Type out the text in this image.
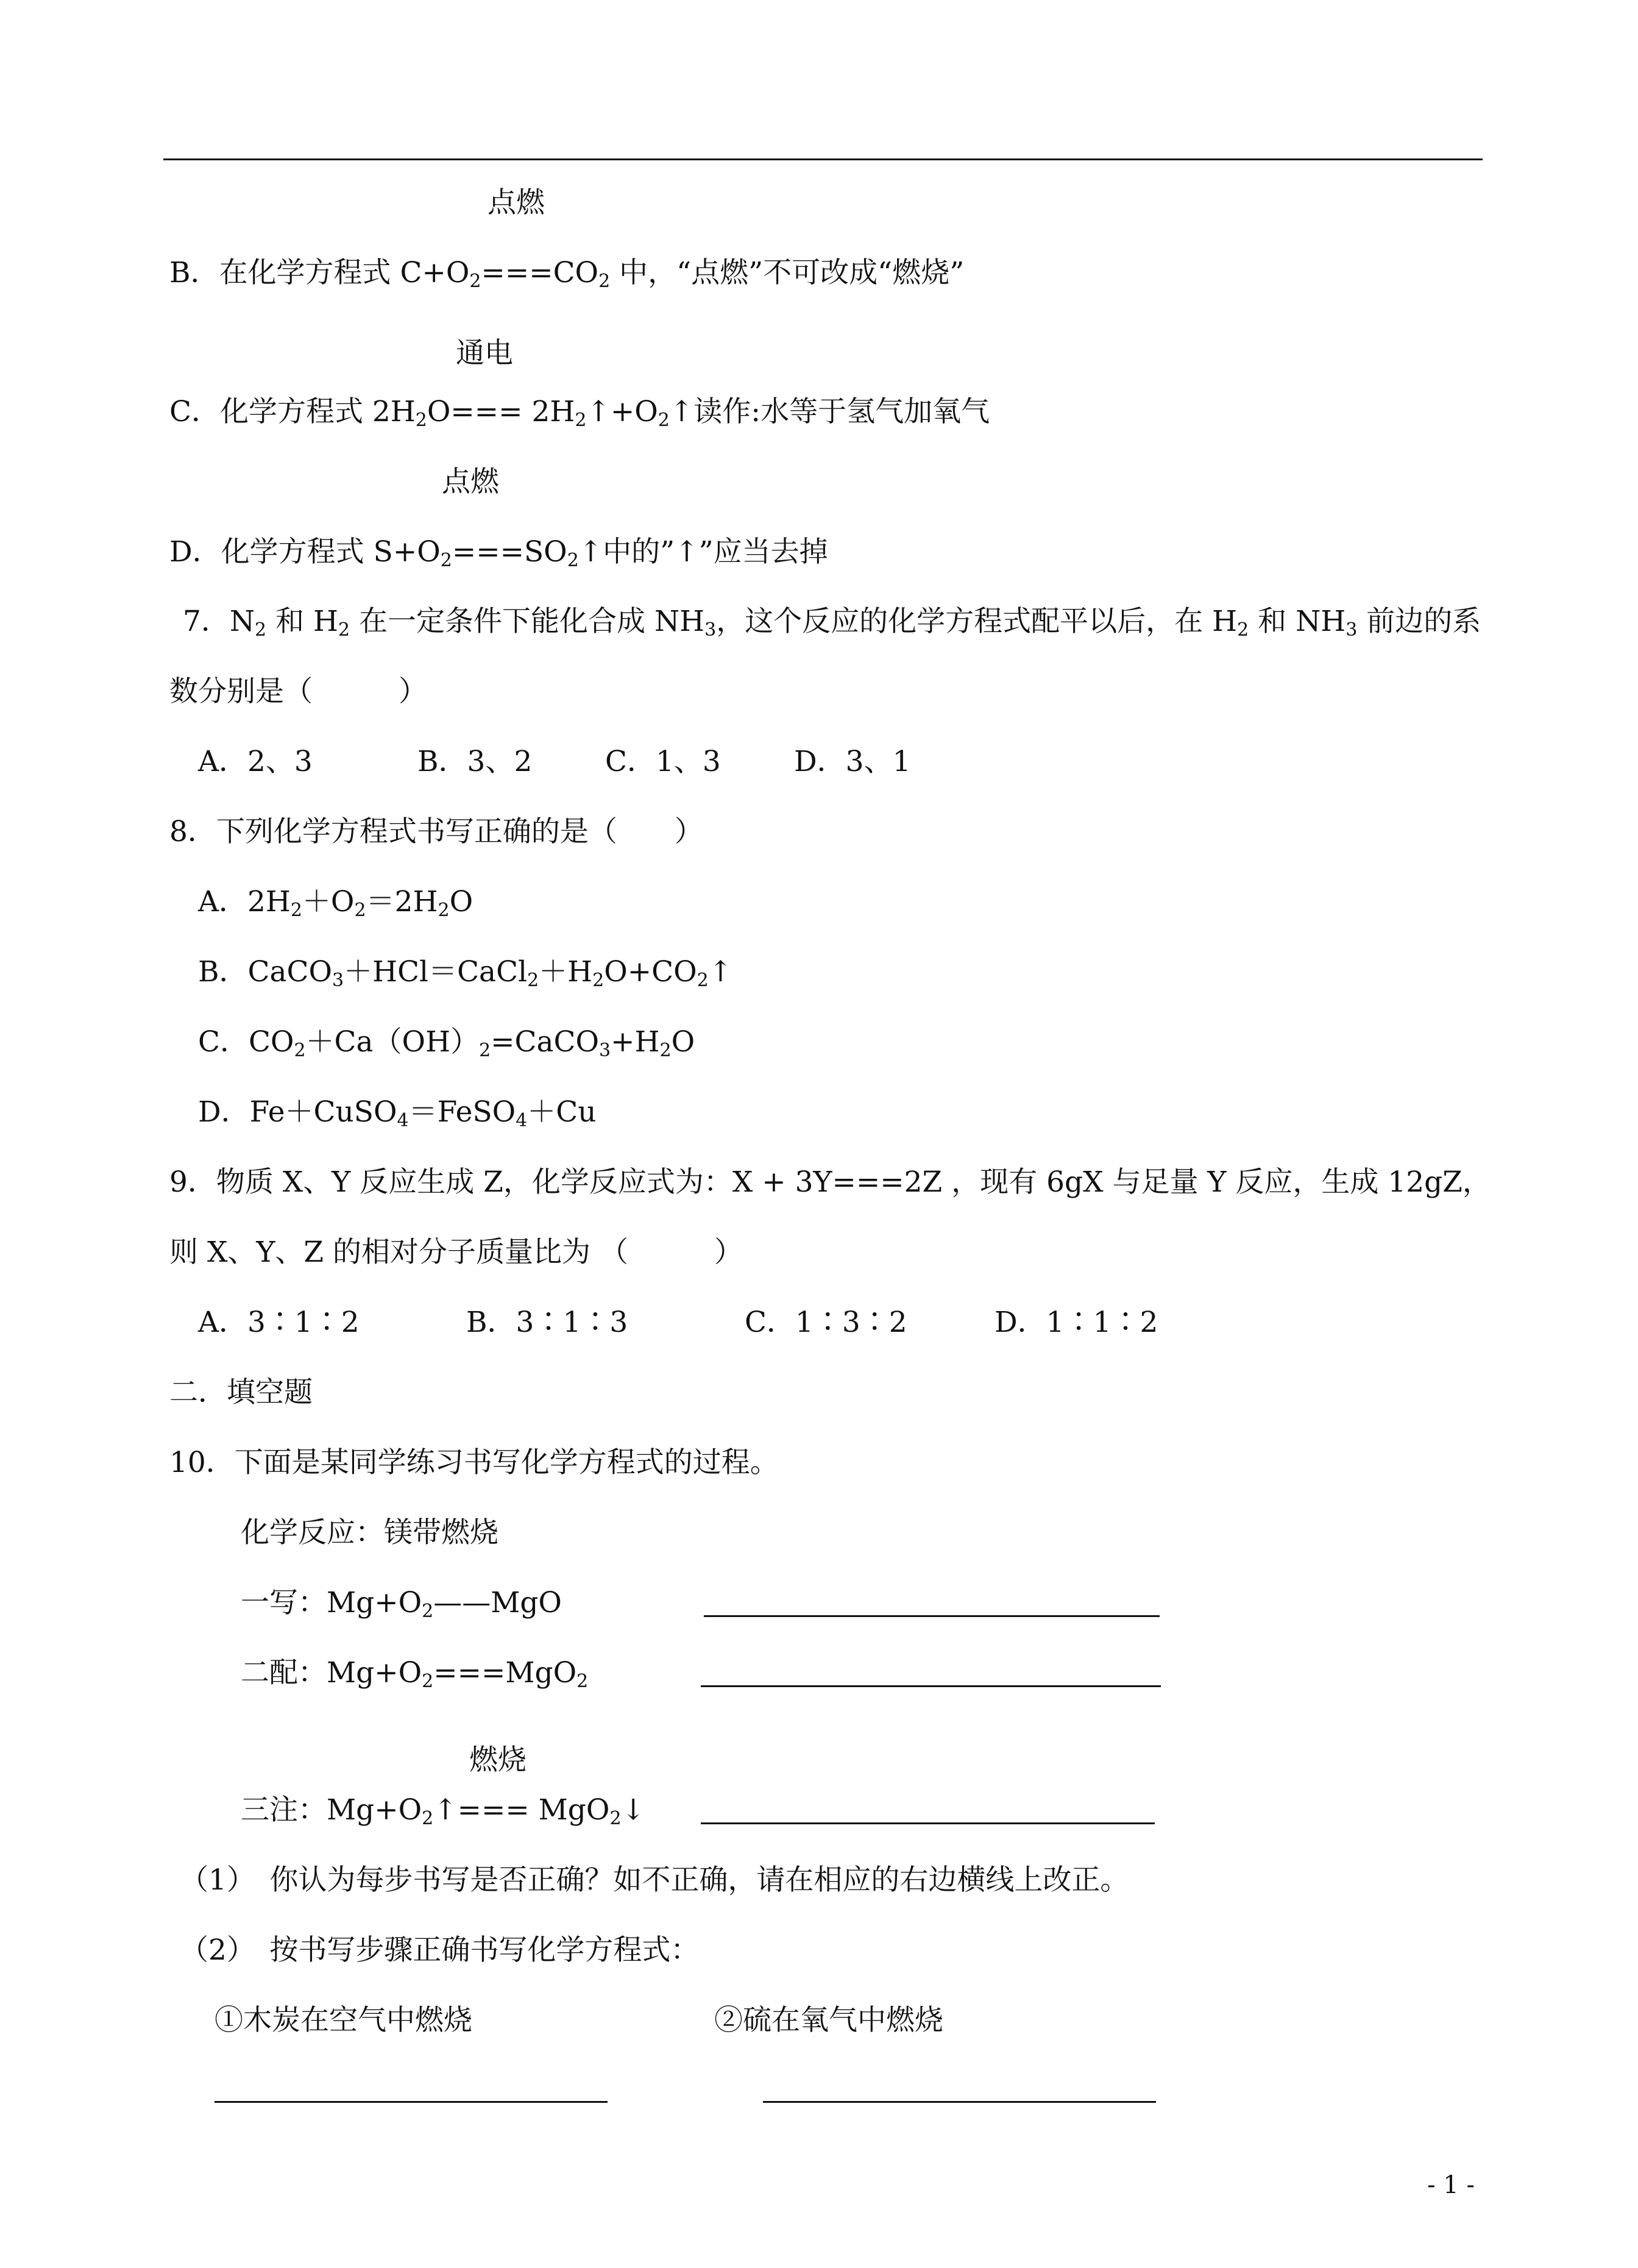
点燃
B．在化学方程式 $C+O_2===CO_2$ 中，“点燃”不可改成“燃烧”
通电
C．化学方程式 $2H_2O===$ $2H_2↑+O_2↑$读作:水等于氢气加氧气
点燃
D．化学方程式 $S+O_2===SO_2↑$中的”↑”应当去掉
7．$N_2$ 和 $H_2$ 在一定条件下能化合成 $NH_3$，这个反应的化学方程式配平以后，在 $H_2$ 和 $NH_3$ 前边的系
数分别是（　　　）
A．2、3	B．3、2	C．1、3	D．3、1
8．下列化学方程式书写正确的是（　　）
A．$2H_2+O_2=2H_2O$
B．$CaCO_3+HCl=CaCl_2+H_2O+CO_2↑$
C．$CO_2+Ca(OH)_2=CaCO_3+H_2O$
D．Fe＋CuSO$_4$＝FeSO$_4$＋Cu
9．物质 X、Y 反应生成 Z，化学反应式为：X + 3Y===2Z ，现有 6gX 与足量 Y 反应，生成 12gZ，
则 X、Y、Z 的相对分子质量比为 （　　　）
A．3∶1∶2	B．3∶1∶3	C．1∶3∶2	D．1∶1∶2
二．填空题
10．下面是某同学练习书写化学方程式的过程。
化学反应：镁带燃烧
一写：$Mg+O_2——MgO$
二配：$Mg+O_2===MgO_2$
燃烧
三注：$Mg+O_2↑===$ MgO$_2$↓
（1）　你认为每步书写是否正确？如不正确，请在相应的右边横线上改正。
（2）　按书写步骤正确书写化学方程式：
①木炭在空气中燃烧	②硫在氧气中燃烧
- 1 -
